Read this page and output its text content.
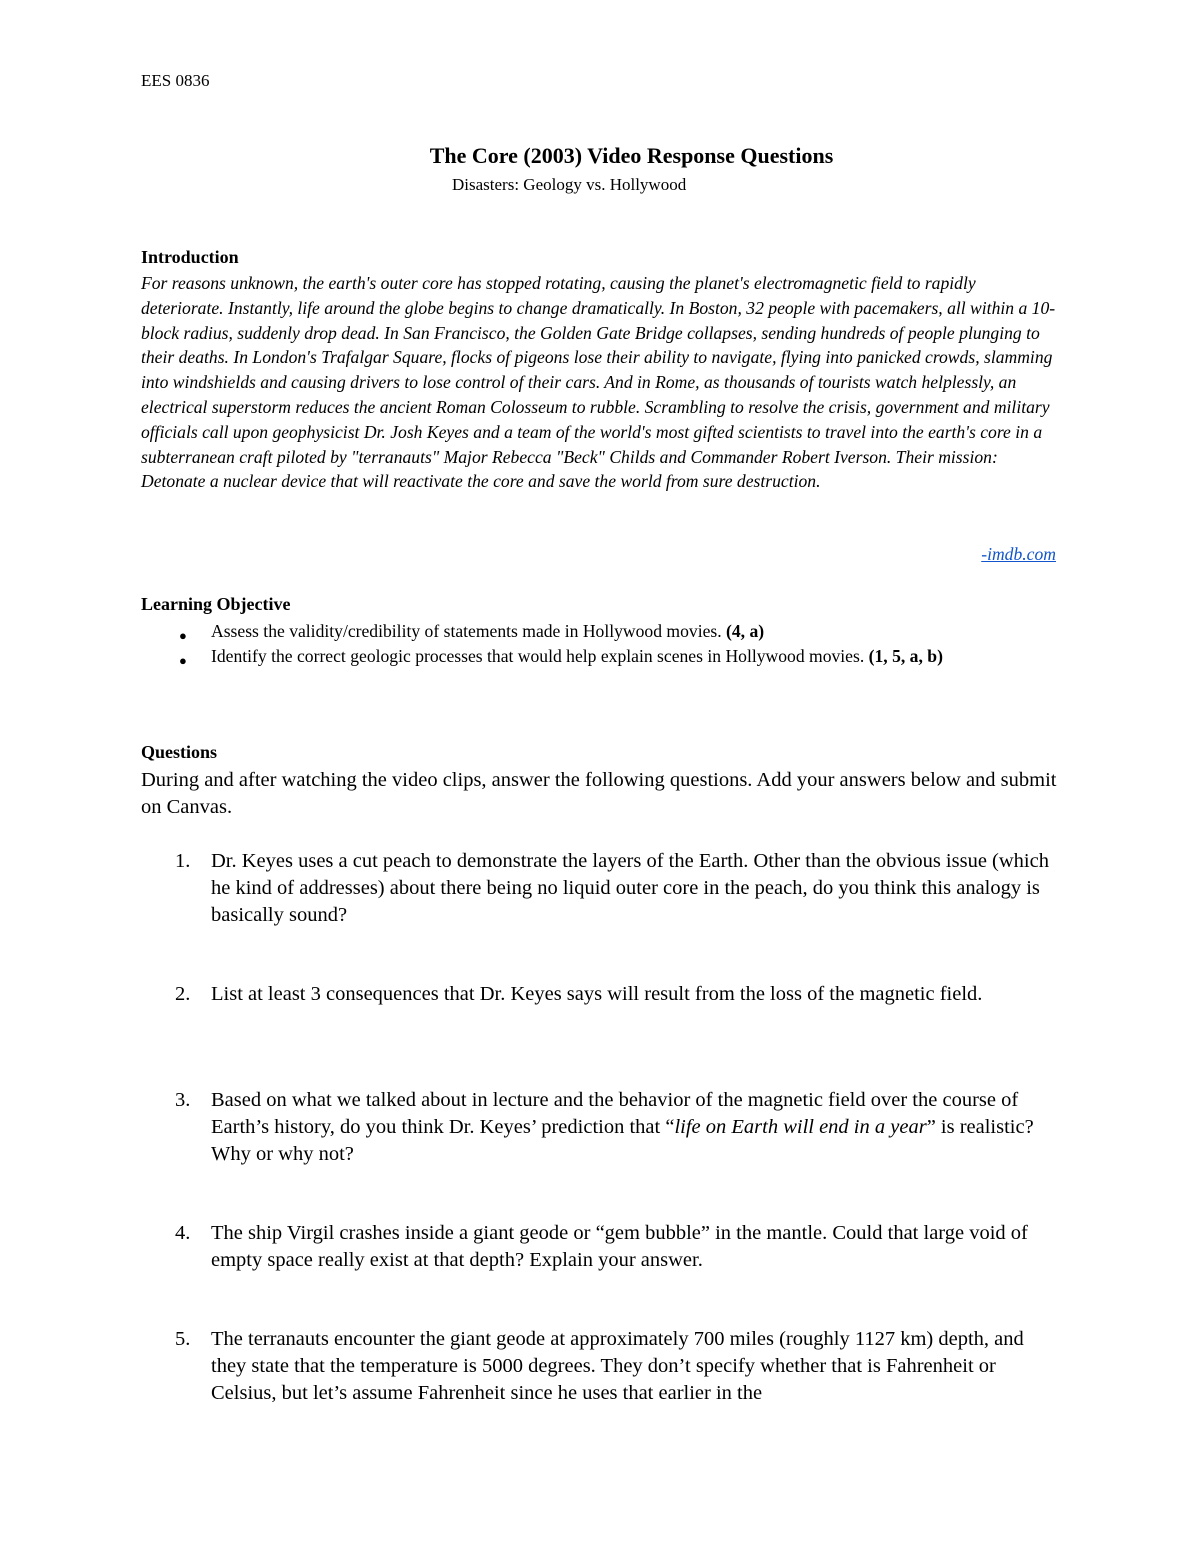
EES 0836
The Core (2003) Video Response Questions
Disasters: Geology vs. Hollywood
Introduction

For reasons unknown, the earth's outer core has stopped rotating, causing the planet's electromagnetic field to rapidly deteriorate. Instantly, life around the globe begins to change dramatically. In Boston, 32 people with pacemakers, all within a 10-block radius, suddenly drop dead. In San Francisco, the Golden Gate Bridge collapses, sending hundreds of people plunging to their deaths. In London's Trafalgar Square, flocks of pigeons lose their ability to navigate, flying into panicked crowds, slamming into windshields and causing drivers to lose control of their cars. And in Rome, as thousands of tourists watch helplessly, an electrical superstorm reduces the ancient Roman Colosseum to rubble. Scrambling to resolve the crisis, government and military officials call upon geophysicist Dr. Josh Keyes and a team of the world's most gifted scientists to travel into the earth's core in a subterranean craft piloted by "terranauts" Major Rebecca "Beck" Childs and Commander Robert Iverson. Their mission: Detonate a nuclear device that will reactivate the core and save the world from sure destruction.

-imdb.com
Learning Objective
● Assess the validity/credibility of statements made in Hollywood movies. (4, a)
● Identify the correct geologic processes that would help explain scenes in Hollywood movies. (1, 5, a, b)
Questions

During and after watching the video clips, answer the following questions. Add your answers below and submit on Canvas.

1. Dr. Keyes uses a cut peach to demonstrate the layers of the Earth. Other than the obvious issue (which he kind of addresses) about there being no liquid outer core in the peach, do you think this analogy is basically sound?
2. List at least 3 consequences that Dr. Keyes says will result from the loss of the magnetic field.
3. Based on what we talked about in lecture and the behavior of the magnetic field over the course of Earth’s history, do you think Dr. Keyes’ prediction that “life on Earth will end in a year” is realistic? Why or why not?
4. The ship Virgil crashes inside a giant geode or “gem bubble” in the mantle. Could that large void of empty space really exist at that depth? Explain your answer.
5. The terranauts encounter the giant geode at approximately 700 miles (roughly 1127 km) depth, and they state that the temperature is 5000 degrees. They don’t specify whether that is Fahrenheit or Celsius, but let’s assume Fahrenheit since he uses that earlier in the
